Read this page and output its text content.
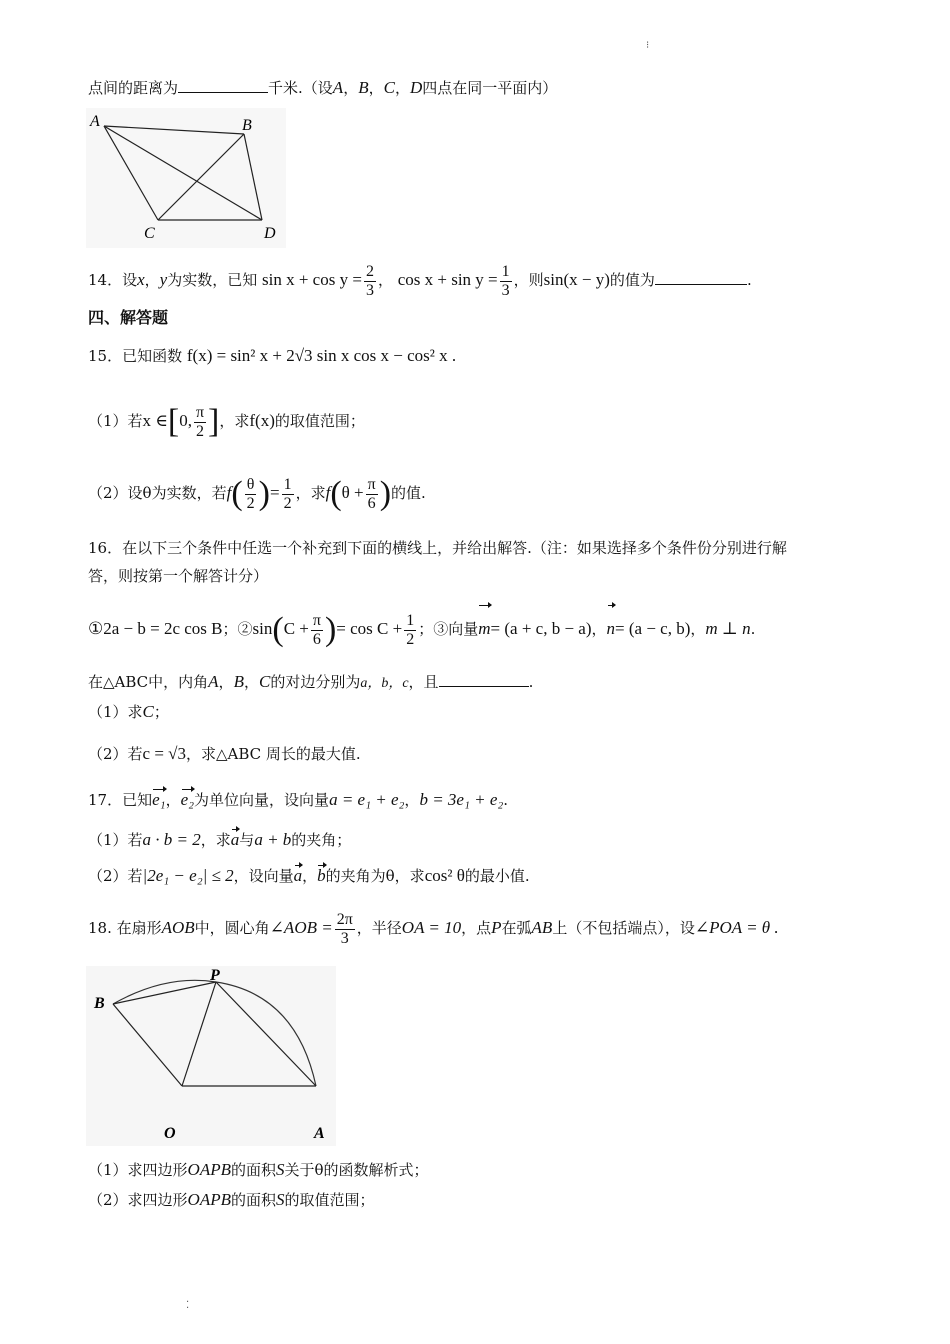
⁝
点间的距离为	千米.（设A，B，C，D四点在同一平面内）
A	B
C	D
14．设x，y为实数，已知 $\sin x + \cos y = \frac{2}{3}$ ， $\cos x + \sin y = \frac{1}{3}$ ，则sin(x − y)的值为	.
四、解答题
15．已知函数 f(x) = sin² x + 2√3 sin x cos x − cos² x .
（1）若x ∈[0, $\frac{\pi}{2}$ ]，求f(x)的取值范围；
（2）设θ为实数，若$f( \frac{\theta}{2}$ )= $\frac{1}{2}$ ，求$f(\theta + \frac{\pi}{6}$ )的值.
16．在以下三个条件中任选一个补充到下面的横线上，并给出解答.（注：如果选择多个条件份分别进行解
答，则按第一个解答计分）
①2a − b = 2c cos B；②sin(C + $\frac{\pi}{6}$ )= $\cos C + \frac{1}{2}$ ；③向量m= (a + c, b − a)，n= (a − c, b)，m ⊥ n.
在△ABC中，内角A，B，C的对边分别为a，b，c，且	.
（1）求C；
（2）若c = √3，求△ABC 周长的最大值.
17．已知e₁，e₂为单位向量，设向量a = e₁ + e₂，b = 3e₁ + e₂.
（1）若a · b = 2，求a与a + b的夹角；
（2）若|2e₁ − e₂| ≤ 2，设向量a，b的夹角为θ，求cos² θ的最小值.
18. 在扇形AOB中，圆心角∠AOB = $\frac{2\pi}{3}$ ，半径OA = 10，点P在弧AB上（不包括端点），设∠POA = θ .
P
B
O	A
（1）求四边形OAPB的面积S关于θ的函数解析式；
（2）求四边形OAPB的面积S的取值范围；
⁚
